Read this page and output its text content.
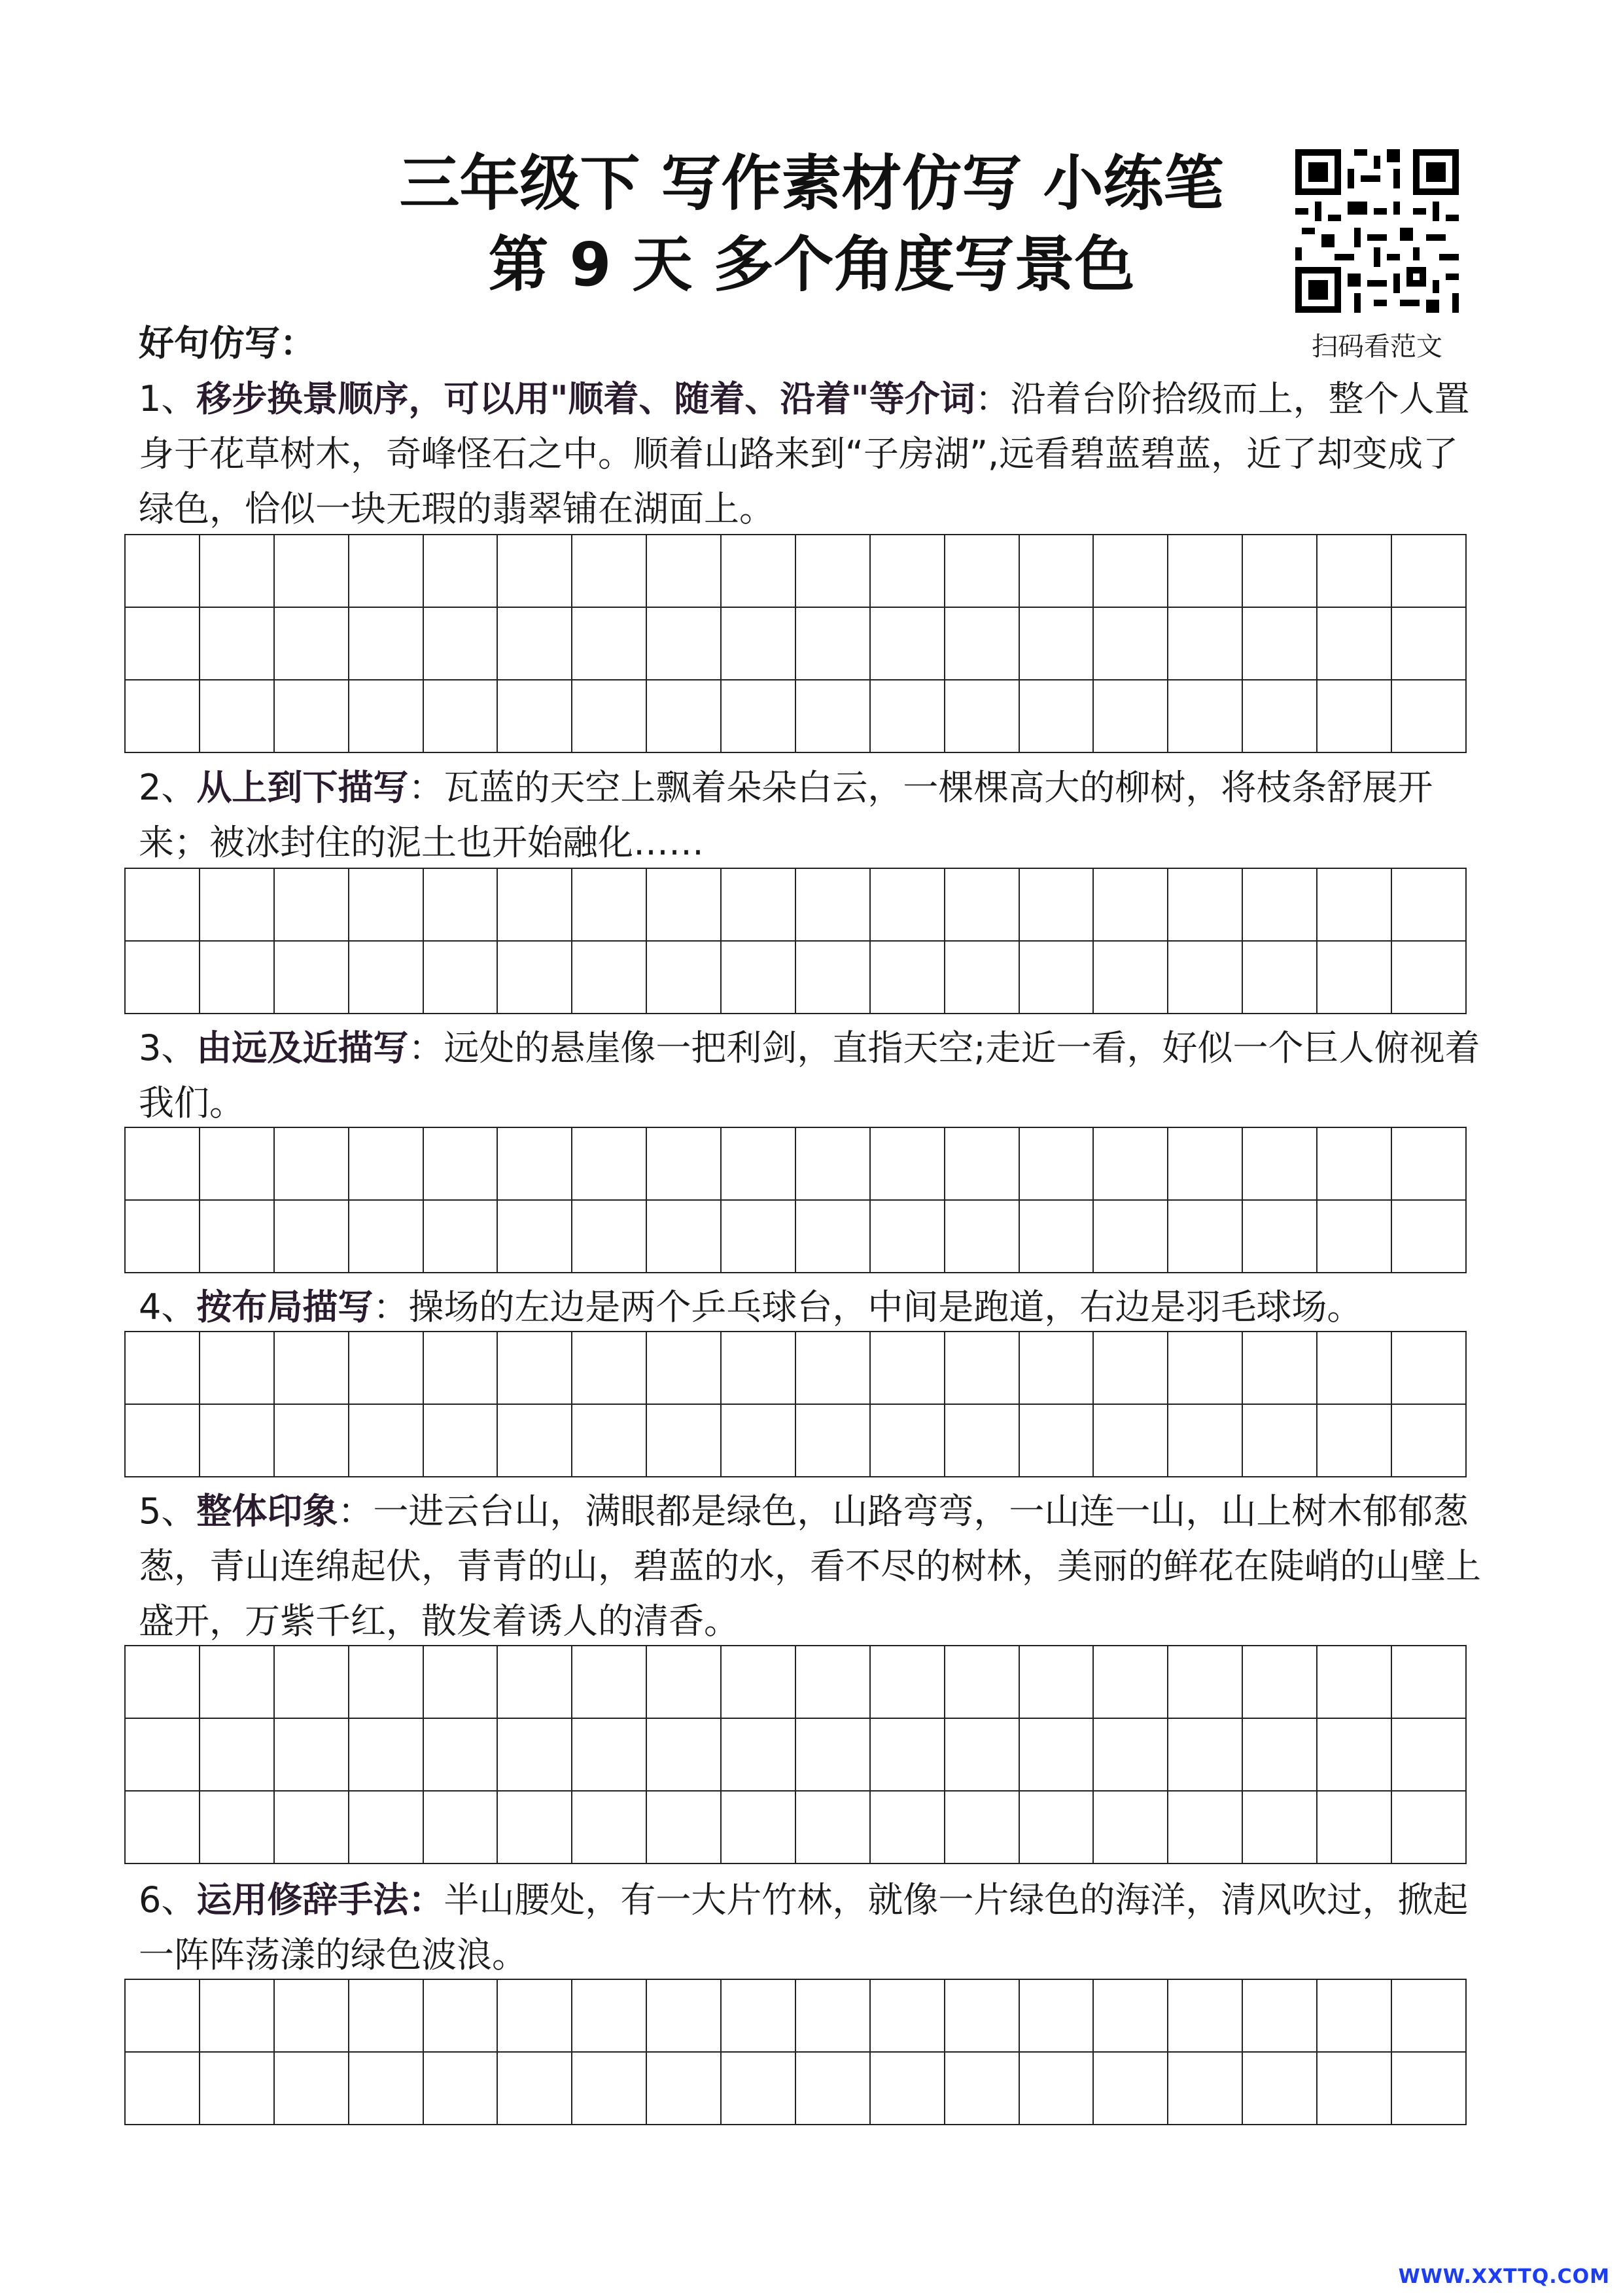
三年级下 写作素材仿写 小练笔
第 9 天 多个角度写景色
扫码看范文
好句仿写：
1、移步换景顺序，可以用"顺着、随着、沿着"等介词：沿着台阶拾级而上，整个人置身于花草树木，奇峰怪石之中。顺着山路来到“子房湖”,远看碧蓝碧蓝，近了却变成了绿色，恰似一块无瑕的翡翠铺在湖面上。

2、从上到下描写：瓦蓝的天空上飘着朵朵白云，一棵棵高大的柳树，将枝条舒展开来；被冰封住的泥土也开始融化……

3、由远及近描写：远处的悬崖像一把利剑，直指天空;走近一看，好似一个巨人俯视着我们。

4、按布局描写：操场的左边是两个乒乓球台，中间是跑道，右边是羽毛球场。

5、整体印象：一进云台山，满眼都是绿色，山路弯弯，一山连一山，山上树木郁郁葱葱，青山连绵起伏，青青的山，碧蓝的水，看不尽的树林，美丽的鲜花在陡峭的山壁上盛开，万紫千红，散发着诱人的清香。

6、运用修辞手法：半山腰处，有一大片竹林，就像一片绿色的海洋，清风吹过，掀起一阵阵荡漾的绿色波浪。

WWW.XXTTQ.COM
